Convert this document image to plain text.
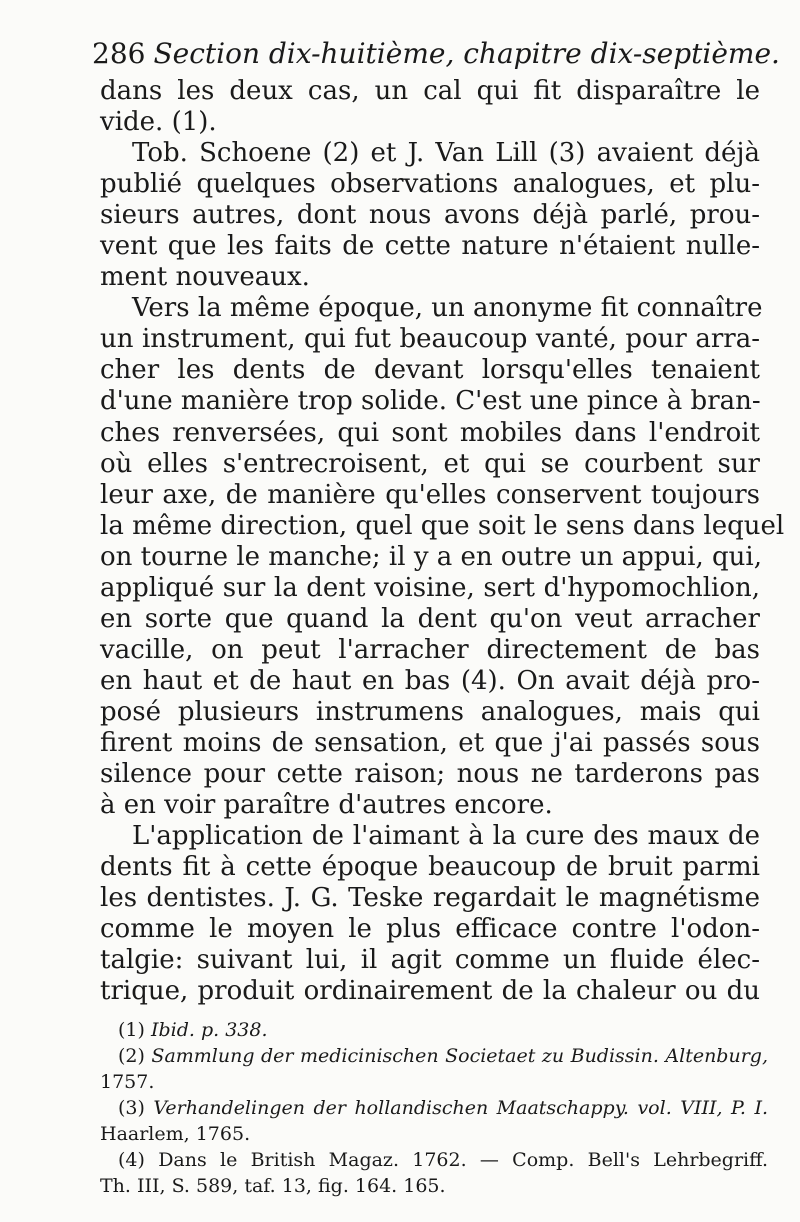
286 Section dix-huitième, chapitre dix-septième.
dans les deux cas, un cal qui fit disparaître le
vide. (1).
Tob. Schoene (2) et J. Van Lill (3) avaient déjà
publié quelques observations analogues, et plu-
sieurs autres, dont nous avons déjà parlé, prou-
vent que les faits de cette nature n'étaient nulle-
ment nouveaux.
Vers la même époque, un anonyme fit connaître
un instrument, qui fut beaucoup vanté, pour arra-
cher les dents de devant lorsqu'elles tenaient
d'une manière trop solide. C'est une pince à bran-
ches renversées, qui sont mobiles dans l'endroit
où elles s'entrecroisent, et qui se courbent sur
leur axe, de manière qu'elles conservent toujours
la même direction, quel que soit le sens dans lequel
on tourne le manche; il y a en outre un appui, qui,
appliqué sur la dent voisine, sert d'hypomochlion,
en sorte que quand la dent qu'on veut arracher
vacille, on peut l'arracher directement de bas
en haut et de haut en bas (4). On avait déjà pro-
posé plusieurs instrumens analogues, mais qui
firent moins de sensation, et que j'ai passés sous
silence pour cette raison; nous ne tarderons pas
à en voir paraître d'autres encore.
L'application de l'aimant à la cure des maux de
dents fit à cette époque beaucoup de bruit parmi
les dentistes. J. G. Teske regardait le magnétisme
comme le moyen le plus efficace contre l'odon-
talgie: suivant lui, il agit comme un fluide élec-
trique, produit ordinairement de la chaleur ou du
(1) Ibid. p. 338.
(2) Sammlung der medicinischen Societaet zu Budissin. Altenburg,
1757.
(3) Verhandelingen der hollandischen Maatschappy. vol. VIII, P. I.
Haarlem, 1765.
(4) Dans le British Magaz. 1762. — Comp. Bell's Lehrbegriff.
Th. III, S. 589, taf. 13, fig. 164. 165.
